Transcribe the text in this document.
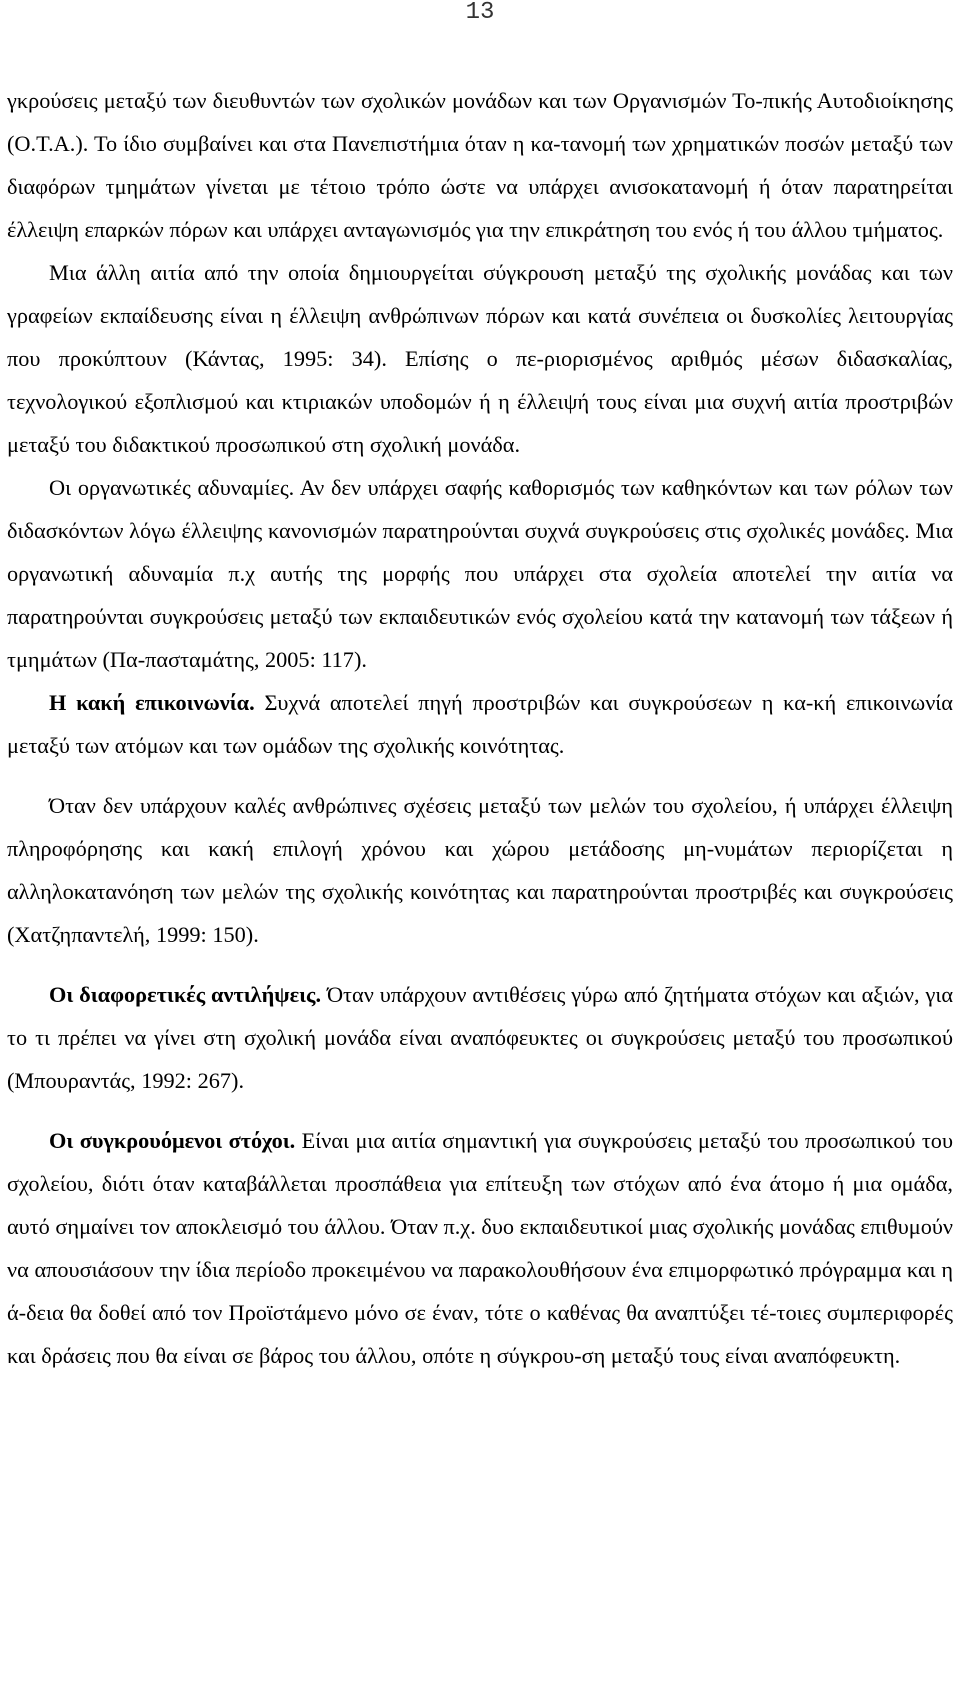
13

γκρούσεις μεταξύ των διευθυντών των σχολικών μονάδων και των Οργανισμών Το-πικής Αυτοδιοίκησης (Ο.Τ.Α.). Το ίδιο συμβαίνει και στα Πανεπιστήμια όταν η κα-τανομή των χρηματικών ποσών μεταξύ των διαφόρων τμημάτων γίνεται με τέτοιο τρόπο ώστε να υπάρχει ανισοκατανομή ή όταν παρατηρείται έλλειψη επαρκών πόρων και υπάρχει ανταγωνισμός για την επικράτηση του ενός ή του άλλου τμήματος.

Μια άλλη αιτία από την οποία δημιουργείται σύγκρουση μεταξύ της σχολικής μονάδας και των γραφείων εκπαίδευσης είναι η έλλειψη ανθρώπινων πόρων και κατά συνέπεια οι δυσκολίες λειτουργίας που προκύπτουν (Κάντας, 1995: 34). Επίσης ο πε-ριορισμένος αριθμός μέσων διδασκαλίας, τεχνολογικού εξοπλισμού και κτιριακών υποδομών ή η έλλειψή τους είναι μια συχνή αιτία προστριβών μεταξύ του διδακτικού προσωπικού στη σχολική μονάδα.

Οι οργανωτικές αδυναμίες. Αν δεν υπάρχει σαφής καθορισμός των καθηκόντων και των ρόλων των διδασκόντων λόγω έλλειψης κανονισμών παρατηρούνται συχνά συγκρούσεις στις σχολικές μονάδες. Μια οργανωτική αδυναμία π.χ αυτής της μορφής που υπάρχει στα σχολεία αποτελεί την αιτία να παρατηρούνται συγκρούσεις μεταξύ των εκπαιδευτικών ενός σχολείου κατά την κατανομή των τάξεων ή τμημάτων (Πα-πασταμάτης, 2005: 117).

Η κακή επικοινωνία. Συχνά αποτελεί πηγή προστριβών και συγκρούσεων η κα-κή επικοινωνία μεταξύ των ατόμων και των ομάδων της σχολικής κοινότητας.

Όταν δεν υπάρχουν καλές ανθρώπινες σχέσεις μεταξύ των μελών του σχολείου, ή υπάρχει έλλειψη πληροφόρησης και κακή επιλογή χρόνου και χώρου μετάδοσης μη-νυμάτων περιορίζεται η αλληλοκατανόηση των μελών της σχολικής κοινότητας και παρατηρούνται προστριβές και συγκρούσεις (Χατζηπαντελή, 1999: 150).

Οι διαφορετικές αντιλήψεις. Όταν υπάρχουν αντιθέσεις γύρω από ζητήματα στόχων και αξιών, για το τι πρέπει να γίνει στη σχολική μονάδα είναι αναπόφευκτες οι συγκρούσεις μεταξύ του προσωπικού (Μπουραντάς, 1992: 267).

Οι συγκρουόμενοι στόχοι. Είναι μια αιτία σημαντική για συγκρούσεις μεταξύ του προσωπικού του σχολείου, διότι όταν καταβάλλεται προσπάθεια για επίτευξη των στόχων από ένα άτομο ή μια ομάδα, αυτό σημαίνει τον αποκλεισμό του άλλου. Όταν π.χ. δυο εκπαιδευτικοί μιας σχολικής μονάδας επιθυμούν να απουσιάσουν την ίδια περίοδο προκειμένου να παρακολουθήσουν ένα επιμορφωτικό πρόγραμμα και η ά-δεια θα δοθεί από τον Προϊστάμενο μόνο σε έναν, τότε ο καθένας θα αναπτύξει τέ-τοιες συμπεριφορές και δράσεις που θα είναι σε βάρος του άλλου, οπότε η σύγκρου-ση μεταξύ τους είναι αναπόφευκτη.
